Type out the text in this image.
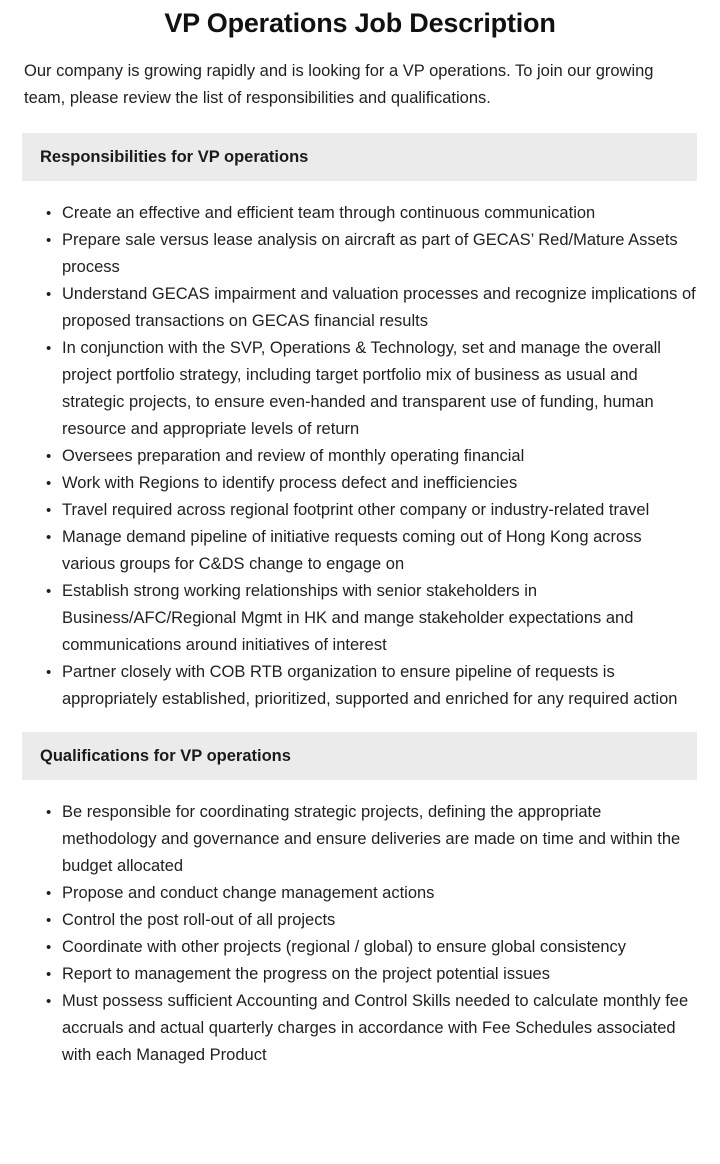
VP Operations Job Description

Our company is growing rapidly and is looking for a VP operations. To join our growing team, please review the list of responsibilities and qualifications.

Responsibilities for VP operations
• Create an effective and efficient team through continuous communication
• Prepare sale versus lease analysis on aircraft as part of GECAS’ Red/Mature Assets process
• Understand GECAS impairment and valuation processes and recognize implications of proposed transactions on GECAS financial results
• In conjunction with the SVP, Operations & Technology, set and manage the overall project portfolio strategy, including target portfolio mix of business as usual and strategic projects, to ensure even-handed and transparent use of funding, human resource and appropriate levels of return
• Oversees preparation and review of monthly operating financial
• Work with Regions to identify process defect and inefficiencies
• Travel required across regional footprint other company or industry-related travel
• Manage demand pipeline of initiative requests coming out of Hong Kong across various groups for C&DS change to engage on
• Establish strong working relationships with senior stakeholders in Business/AFC/Regional Mgmt in HK and mange stakeholder expectations and communications around initiatives of interest
• Partner closely with COB RTB organization to ensure pipeline of requests is appropriately established, prioritized, supported and enriched for any required action
Qualifications for VP operations
• Be responsible for coordinating strategic projects, defining the appropriate methodology and governance and ensure deliveries are made on time and within the budget allocated
• Propose and conduct change management actions
• Control the post roll-out of all projects
• Coordinate with other projects (regional / global) to ensure global consistency
• Report to management the progress on the project potential issues
• Must possess sufficient Accounting and Control Skills needed to calculate monthly fee accruals and actual quarterly charges in accordance with Fee Schedules associated with each Managed Product
